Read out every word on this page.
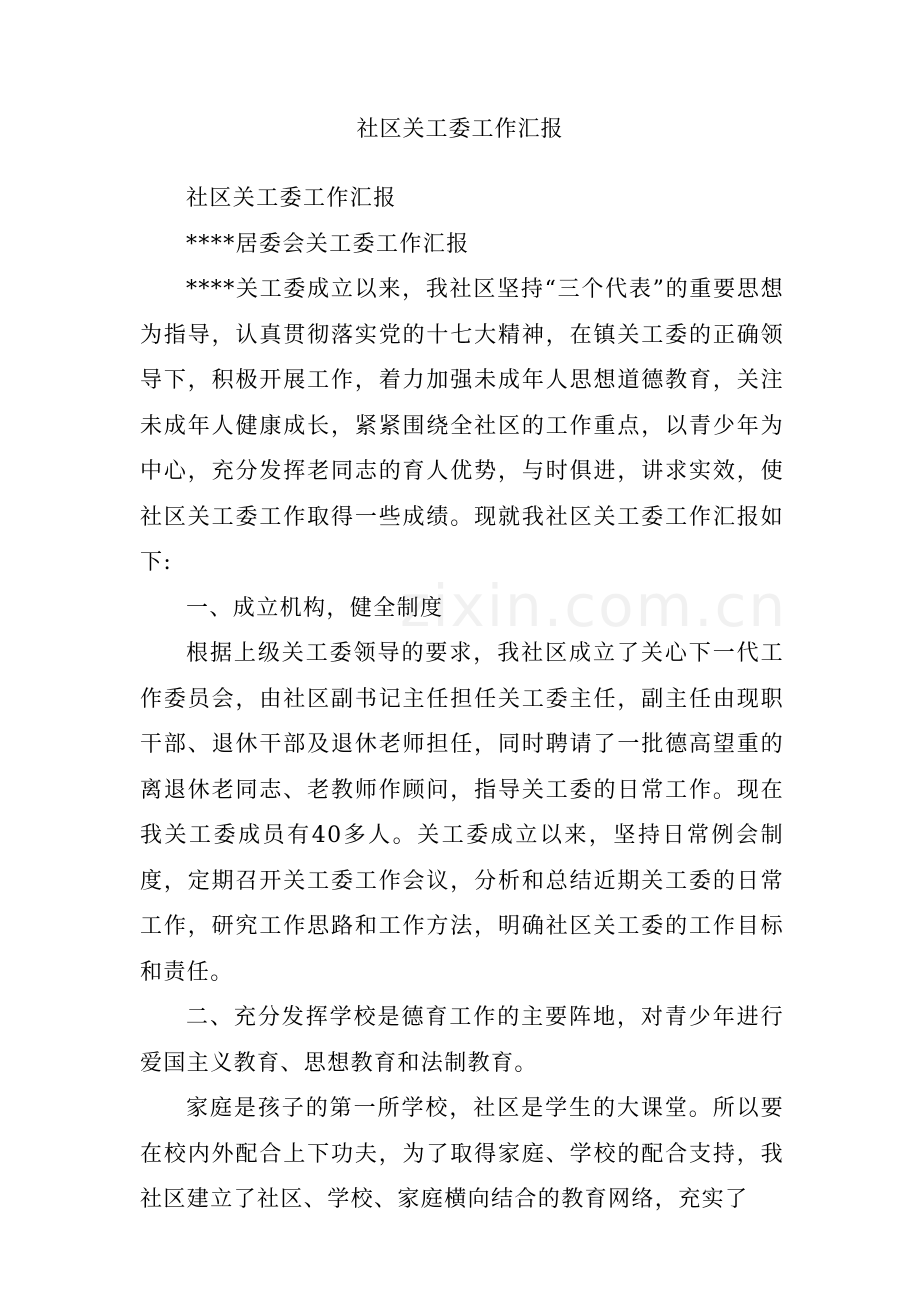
社区关工委工作汇报
zixin.com.cn

社区关工委工作汇报

****居委会关工委工作汇报

****关工委成立以来，我社区坚持“三个代表”的重要思想为指导，认真贯彻落实党的十七大精神，在镇关工委的正确领导下，积极开展工作，着力加强未成年人思想道德教育，关注未成年人健康成长，紧紧围绕全社区的工作重点，以青少年为中心，充分发挥老同志的育人优势，与时俱进，讲求实效，使社区关工委工作取得一些成绩。现就我社区关工委工作汇报如下:

一、成立机构，健全制度

根据上级关工委领导的要求，我社区成立了关心下一代工作委员会，由社区副书记主任担任关工委主任，副主任由现职干部、退休干部及退休老师担任，同时聘请了一批德高望重的离退休老同志、老教师作顾问，指导关工委的日常工作。现在我关工委成员有40多人。关工委成立以来，坚持日常例会制度，定期召开关工委工作会议，分析和总结近期关工委的日常工作，研究工作思路和工作方法，明确社区关工委的工作目标和责任。

二、充分发挥学校是德育工作的主要阵地，对青少年进行爱国主义教育、思想教育和法制教育。

家庭是孩子的第一所学校，社区是学生的大课堂。所以要在校内外配合上下功夫，为了取得家庭、学校的配合支持，我社区建立了社区、学校、家庭横向结合的教育网络，充实了
